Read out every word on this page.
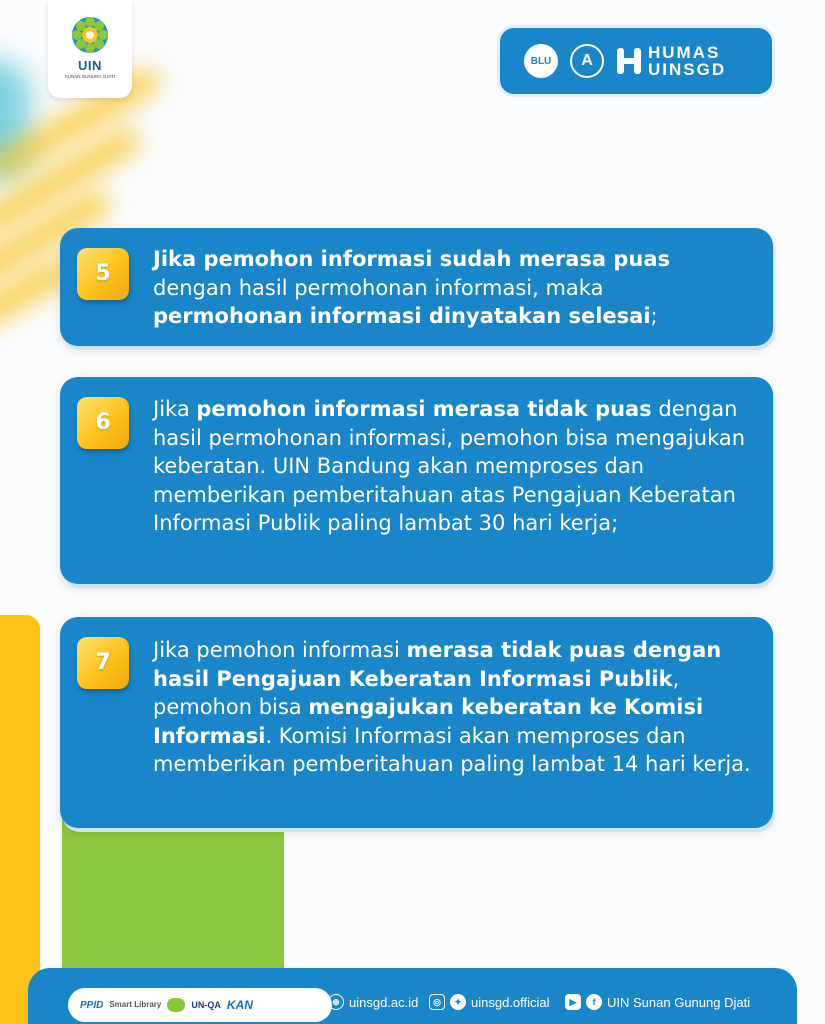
UIN
SUNAN GUNUNG DJATI
BLU	A	HUMAS
UINSGD
5
Jika pemohon informasi sudah merasa puas dengan hasil permohonan informasi, maka permohonan informasi dinyatakan selesai;
6
Jika pemohon informasi merasa tidak puas dengan hasil permohonan informasi, pemohon bisa mengajukan keberatan. UIN Bandung akan memproses dan memberikan pemberitahuan atas Pengajuan Keberatan Informasi Publik paling lambat 30 hari kerja;
7	Jika pemohon informasi merasa tidak puas dengan hasil Pengajuan Keberatan Informasi Publik, pemohon bisa mengajukan keberatan ke Komisi Informasi. Komisi Informasi akan memproses dan memberikan pemberitahuan paling lambat 14 hari kerja.
PPID Smart Library	UN-QA KAN	⊕ uinsgd.ac.id	◎	✦ uinsgd.official	▶	f UIN Sunan Gunung Djati
